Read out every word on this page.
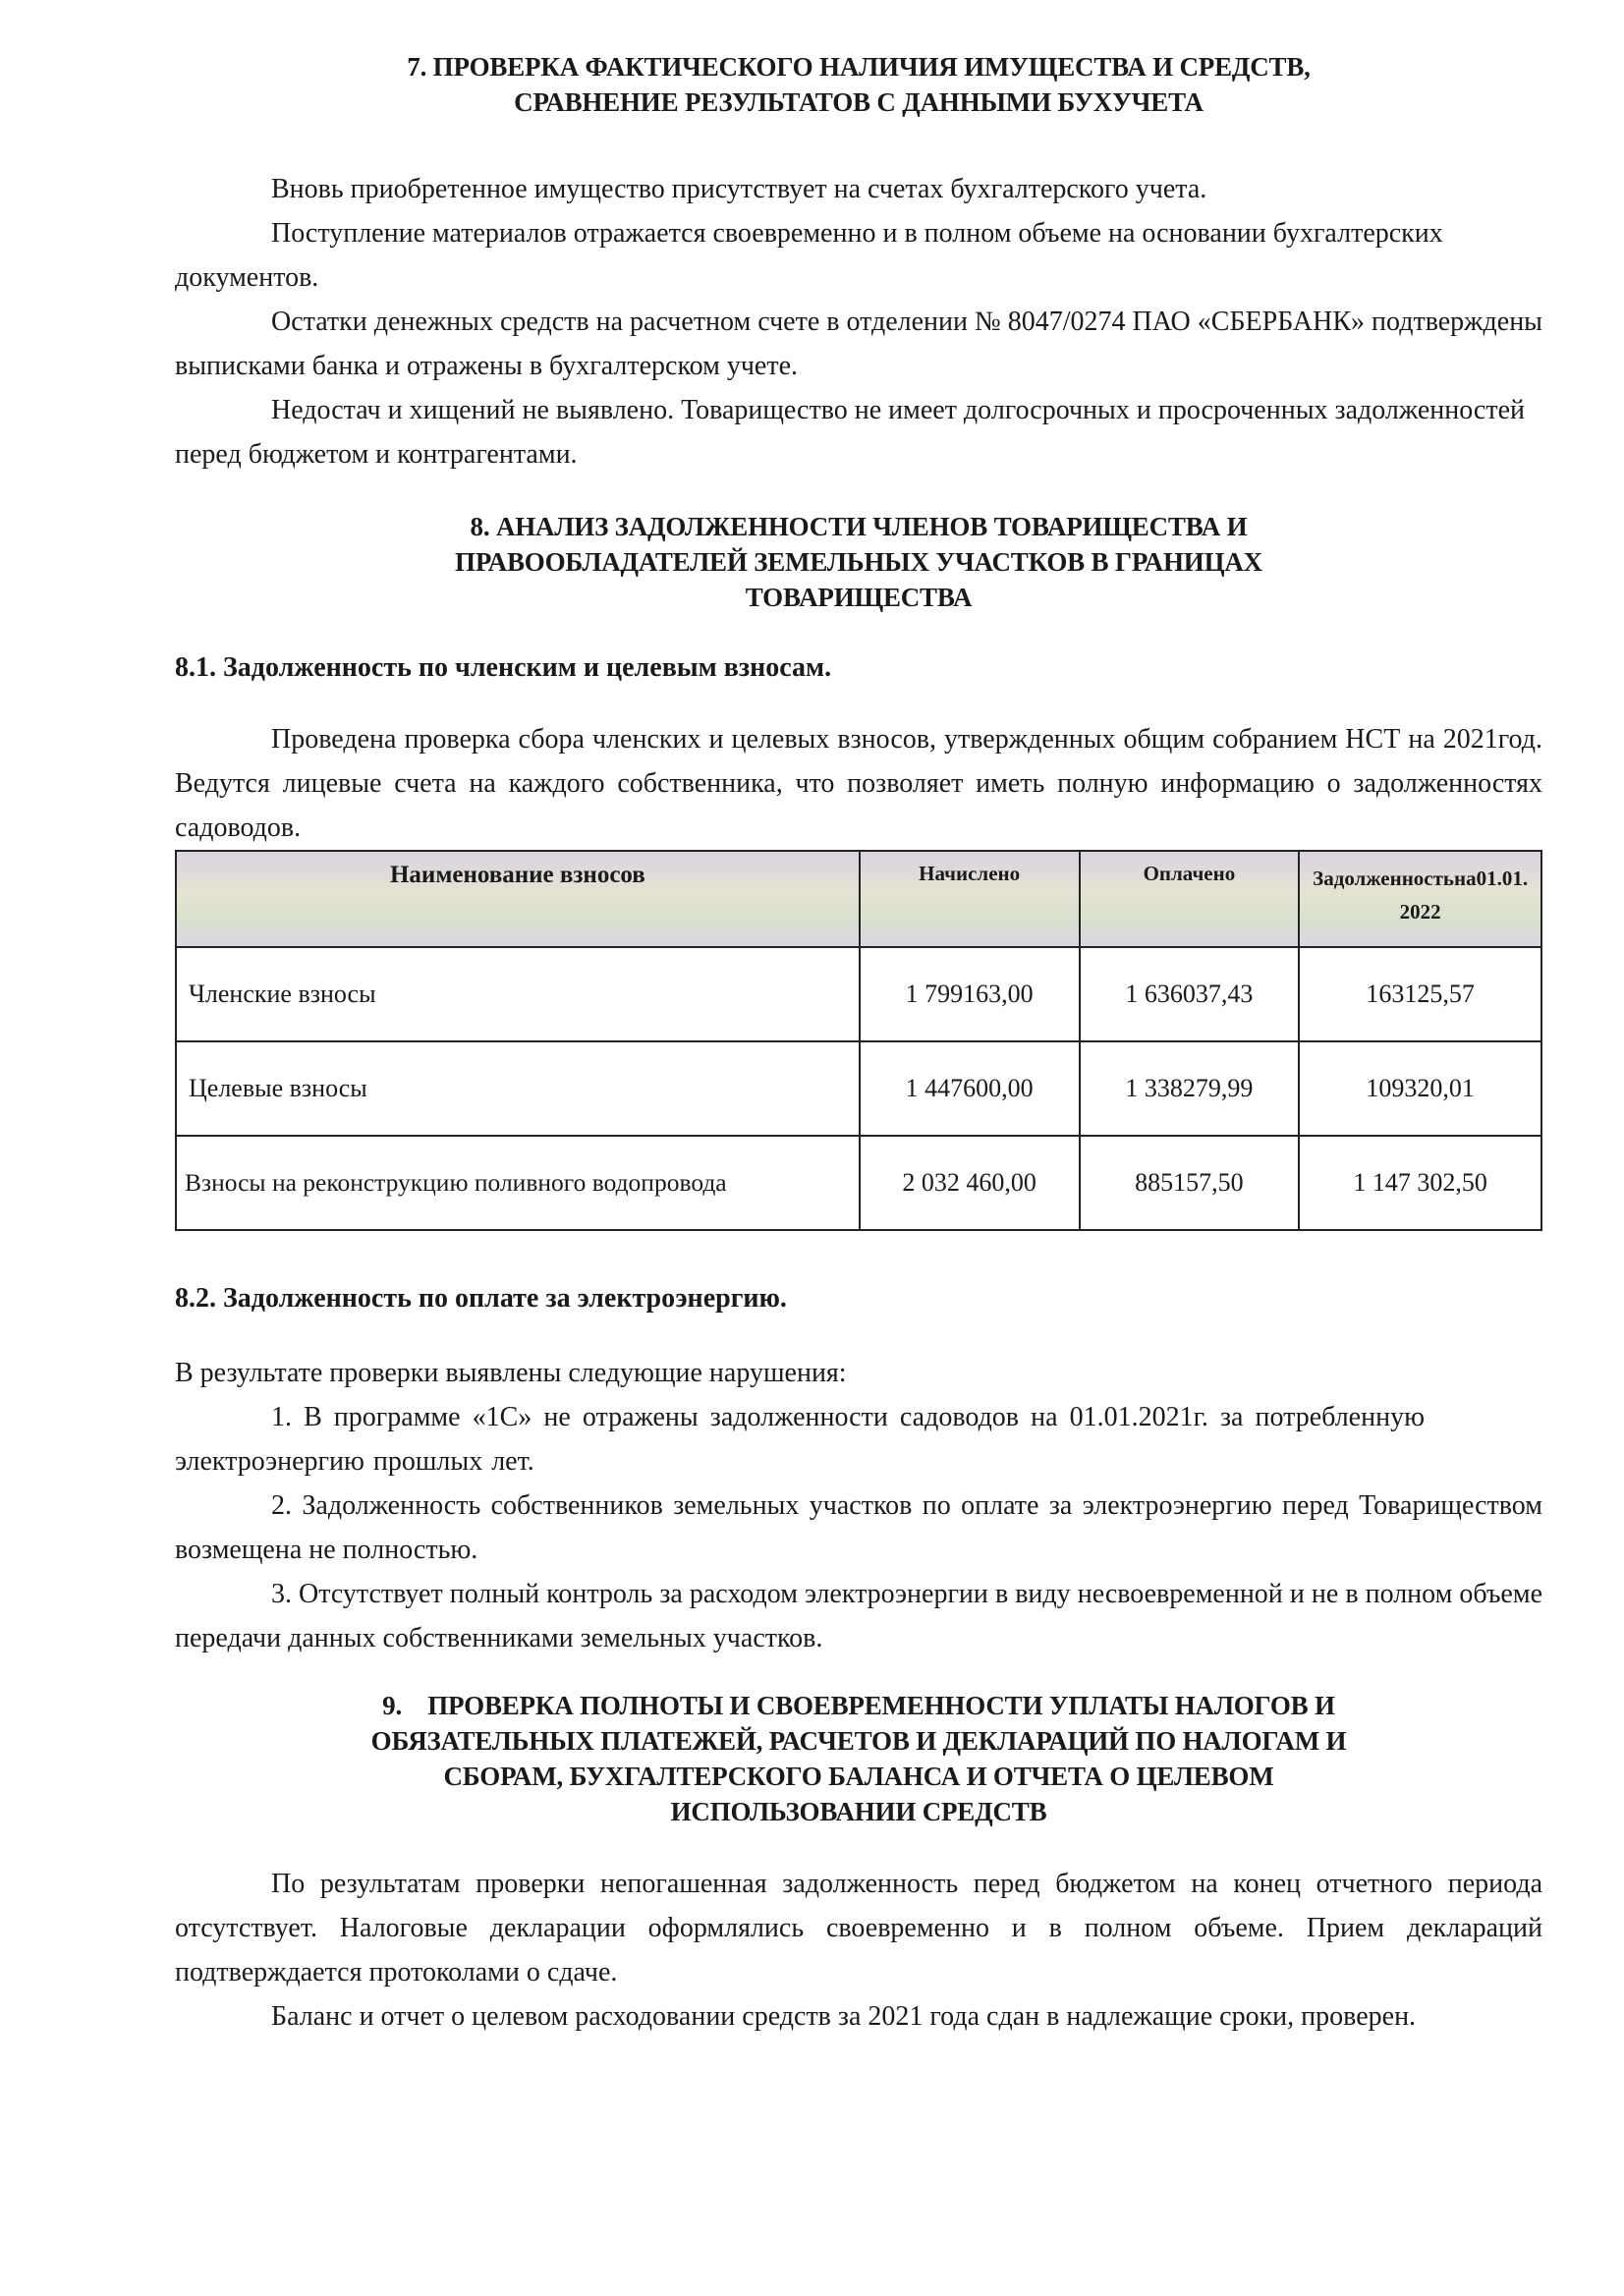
7. ПРОВЕРКА ФАКТИЧЕСКОГО НАЛИЧИЯ ИМУЩЕСТВА И СРЕДСТВ,
СРАВНЕНИЕ РЕЗУЛЬТАТОВ С ДАННЫМИ БУХУЧЕТА

Вновь приобретенное имущество присутствует на счетах бухгалтерского учета.

Поступление материалов отражается своевременно и в полном объеме на основании бухгалтерских документов.

Остатки денежных средств на расчетном счете в отделении № 8047/0274 ПАО «СБЕРБАНК» подтверждены выписками банка и отражены в бухгалтерском учете.

Недостач и хищений не выявлено. Товарищество не имеет долгосрочных и просроченных задолженностей перед бюджетом и контрагентами.

8. АНАЛИЗ ЗАДОЛЖЕННОСТИ ЧЛЕНОВ ТОВАРИЩЕСТВА И
ПРАВООБЛАДАТЕЛЕЙ ЗЕМЕЛЬНЫХ УЧАСТКОВ В ГРАНИЦАХ
ТОВАРИЩЕСТВА
8.1. Задолженность по членским и целевым взносам.

Проведена проверка сбора членских и целевых взносов, утвержденных общим собранием НСТ на 2021год. Ведутся лицевые счета на каждого собственника, что позволяет иметь полную информацию о задолженностях садоводов.

Наименование взносов	Начислено	Оплачено	Задолженностьна01.01.2022
Членские взносы	1 799163,00	1 636037,43	163125,57
Целевые взносы	1 447600,00	1 338279,99	109320,01
Взносы на реконструкцию поливного водопровода	2 032 460,00	885157,50	1 147 302,50
8.2. Задолженность по оплате за электроэнергию.

В результате проверки выявлены следующие нарушения:

1. В программе «1С» не отражены задолженности садоводов на 01.01.2021г. за потребленную электроэнергию прошлых лет.

2. Задолженность собственников земельных участков по оплате за электроэнергию перед Товариществом возмещена не полностью.

3. Отсутствует полный контроль за расходом электроэнергии в виду несвоевременной и не в полном объеме передачи данных собственниками земельных участков.

9.    ПРОВЕРКА ПОЛНОТЫ И СВОЕВРЕМЕННОСТИ УПЛАТЫ НАЛОГОВ И
ОБЯЗАТЕЛЬНЫХ ПЛАТЕЖЕЙ, РАСЧЕТОВ И ДЕКЛАРАЦИЙ ПО НАЛОГАМ И
СБОРАМ, БУХГАЛТЕРСКОГО БАЛАНСА И ОТЧЕТА О ЦЕЛЕВОМ
ИСПОЛЬЗОВАНИИ СРЕДСТВ

По результатам проверки непогашенная задолженность перед бюджетом на конец отчетного периода отсутствует. Налоговые декларации оформлялись своевременно и в полном объеме. Прием деклараций подтверждается протоколами о сдаче.

Баланс и отчет о целевом расходовании средств за 2021 года сдан в надлежащие сроки, проверен.
